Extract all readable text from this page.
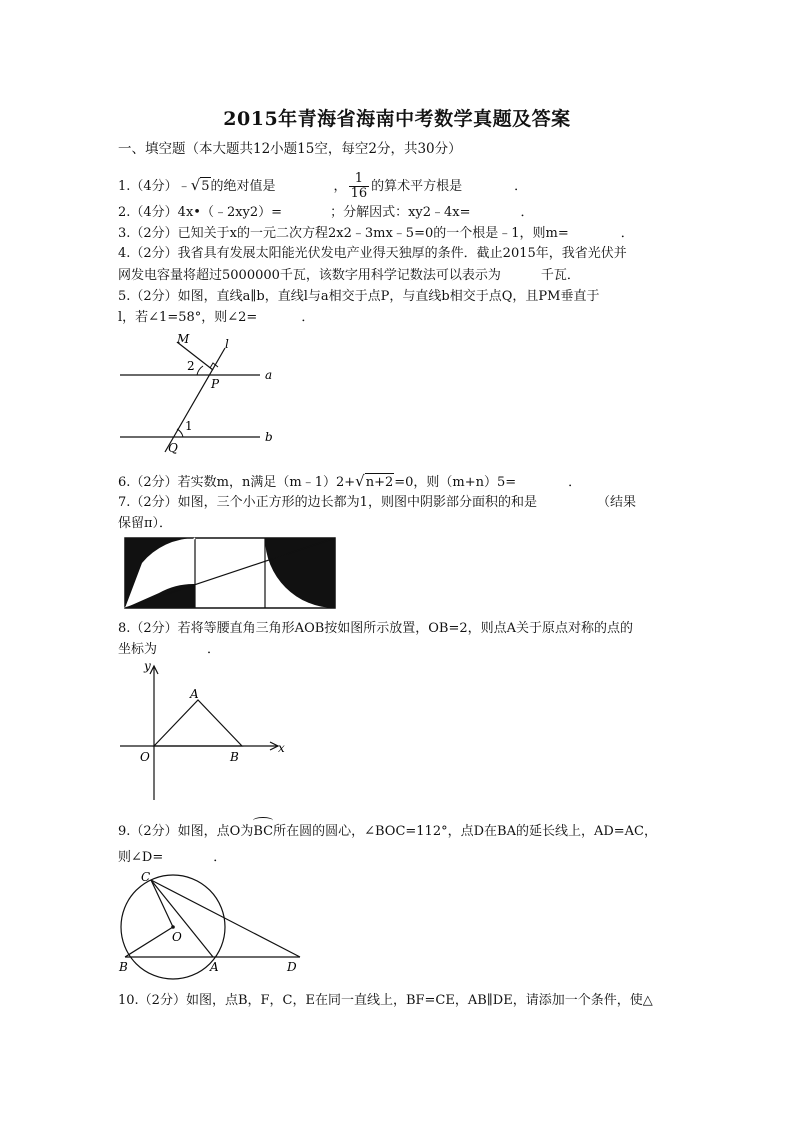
2015年青海省海南中考数学真题及答案
一、填空题（本大题共12小题15空，每空2分，共30分）
1.（4分）﹣√5的绝对值是	， $\frac{1}{16}$ 的算术平方根是	．
2.（4分）4x•（﹣2xy2）=	；分解因式：xy2﹣4x=	．
3.（2分）已知关于x的一元二次方程2x2﹣3mx﹣5=0的一个根是﹣1，则m=	．
4.（2分）我省具有发展太阳能光伏发电产业得天独厚的条件．截止2015年，我省光伏并
网发电容量将超过5000000千瓦，该数字用科学记数法可以表示为	千瓦．
5.（2分）如图，直线a∥b，直线l与a相交于点P，与直线b相交于点Q，且PM垂直于
l，若∠1=58°，则∠2=	．
M	l
a
b
P
Q
1
2
6.（2分）若实数m，n满足（m﹣1）2+√n+2=0，则（m+n）5=	．
7.（2分）如图，三个小正方形的边长都为1，则图中阴影部分面积的和是	（结果
保留π）．
8.（2分）若将等腰直角三角形AOB按如图所示放置，OB=2，则点A关于原点对称的点的
坐标为	．
y
x
A
O	B
9.（2分）如图，点O为
BC所在圆的圆心，∠BOC=112°，点D在BA的延长线上，AD=AC，
则∠D=	．
C
O
B	A	D
10.（2分）如图，点B，F，C，E在同一直线上，BF=CE，AB∥DE，请添加一个条件，使△
